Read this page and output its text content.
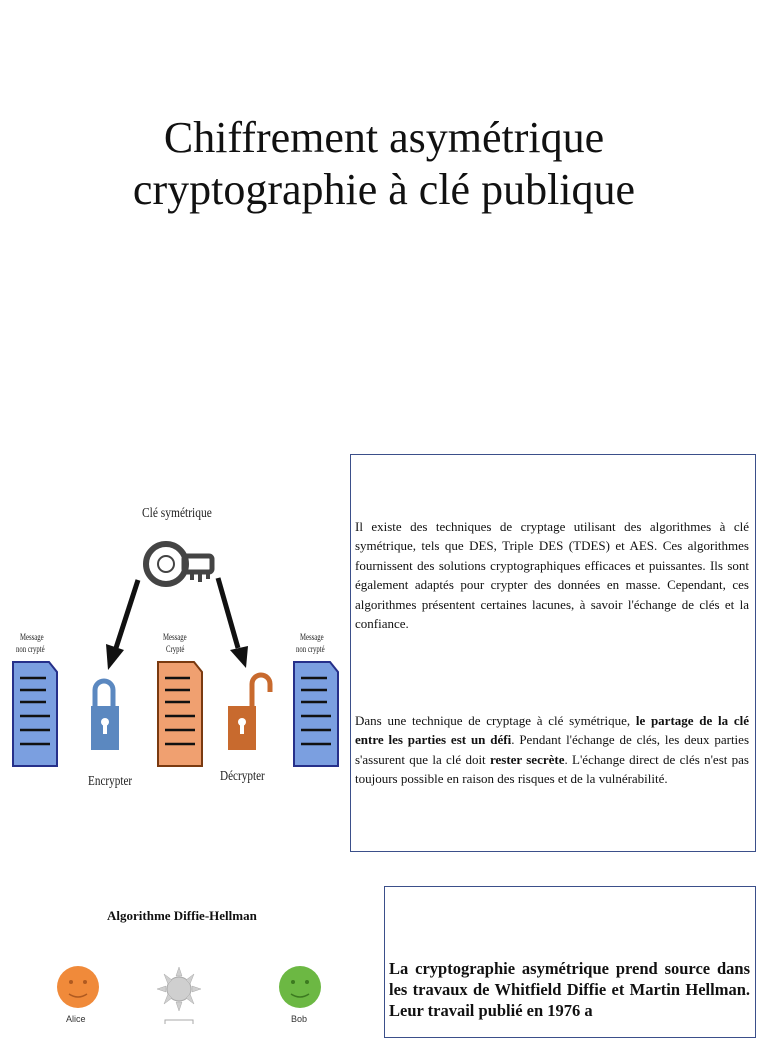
Chiffrement asymétrique
cryptographie à clé publique
Clé symétrique
Message
non crypté
Message
Crypté
Message
non crypté
Encrypter	Décrypter
Il existe des techniques de cryptage utilisant des algorithmes à clé symétrique, tels que DES, Triple DES (TDES) et AES. Ces algorithmes fournissent des solutions cryptographiques efficaces et puissantes. Ils sont également adaptés pour crypter des données en masse. Cependant, ces algorithmes présentent certaines lacunes, à savoir l'échange de clés et la confiance.
Dans une technique de cryptage à clé symétrique, le partage de la clé entre les parties est un défi. Pendant l'échange de clés, les deux parties s'assurent que la clé doit rester secrète. L'échange direct de clés n'est pas toujours possible en raison des risques et de la vulnérabilité.
Algorithme Diffie-Hellman
Alice	Bob
La cryptographie asymétrique prend source dans les travaux de Whitfield Diffie et Martin Hellman. Leur travail publié en 1976 a
